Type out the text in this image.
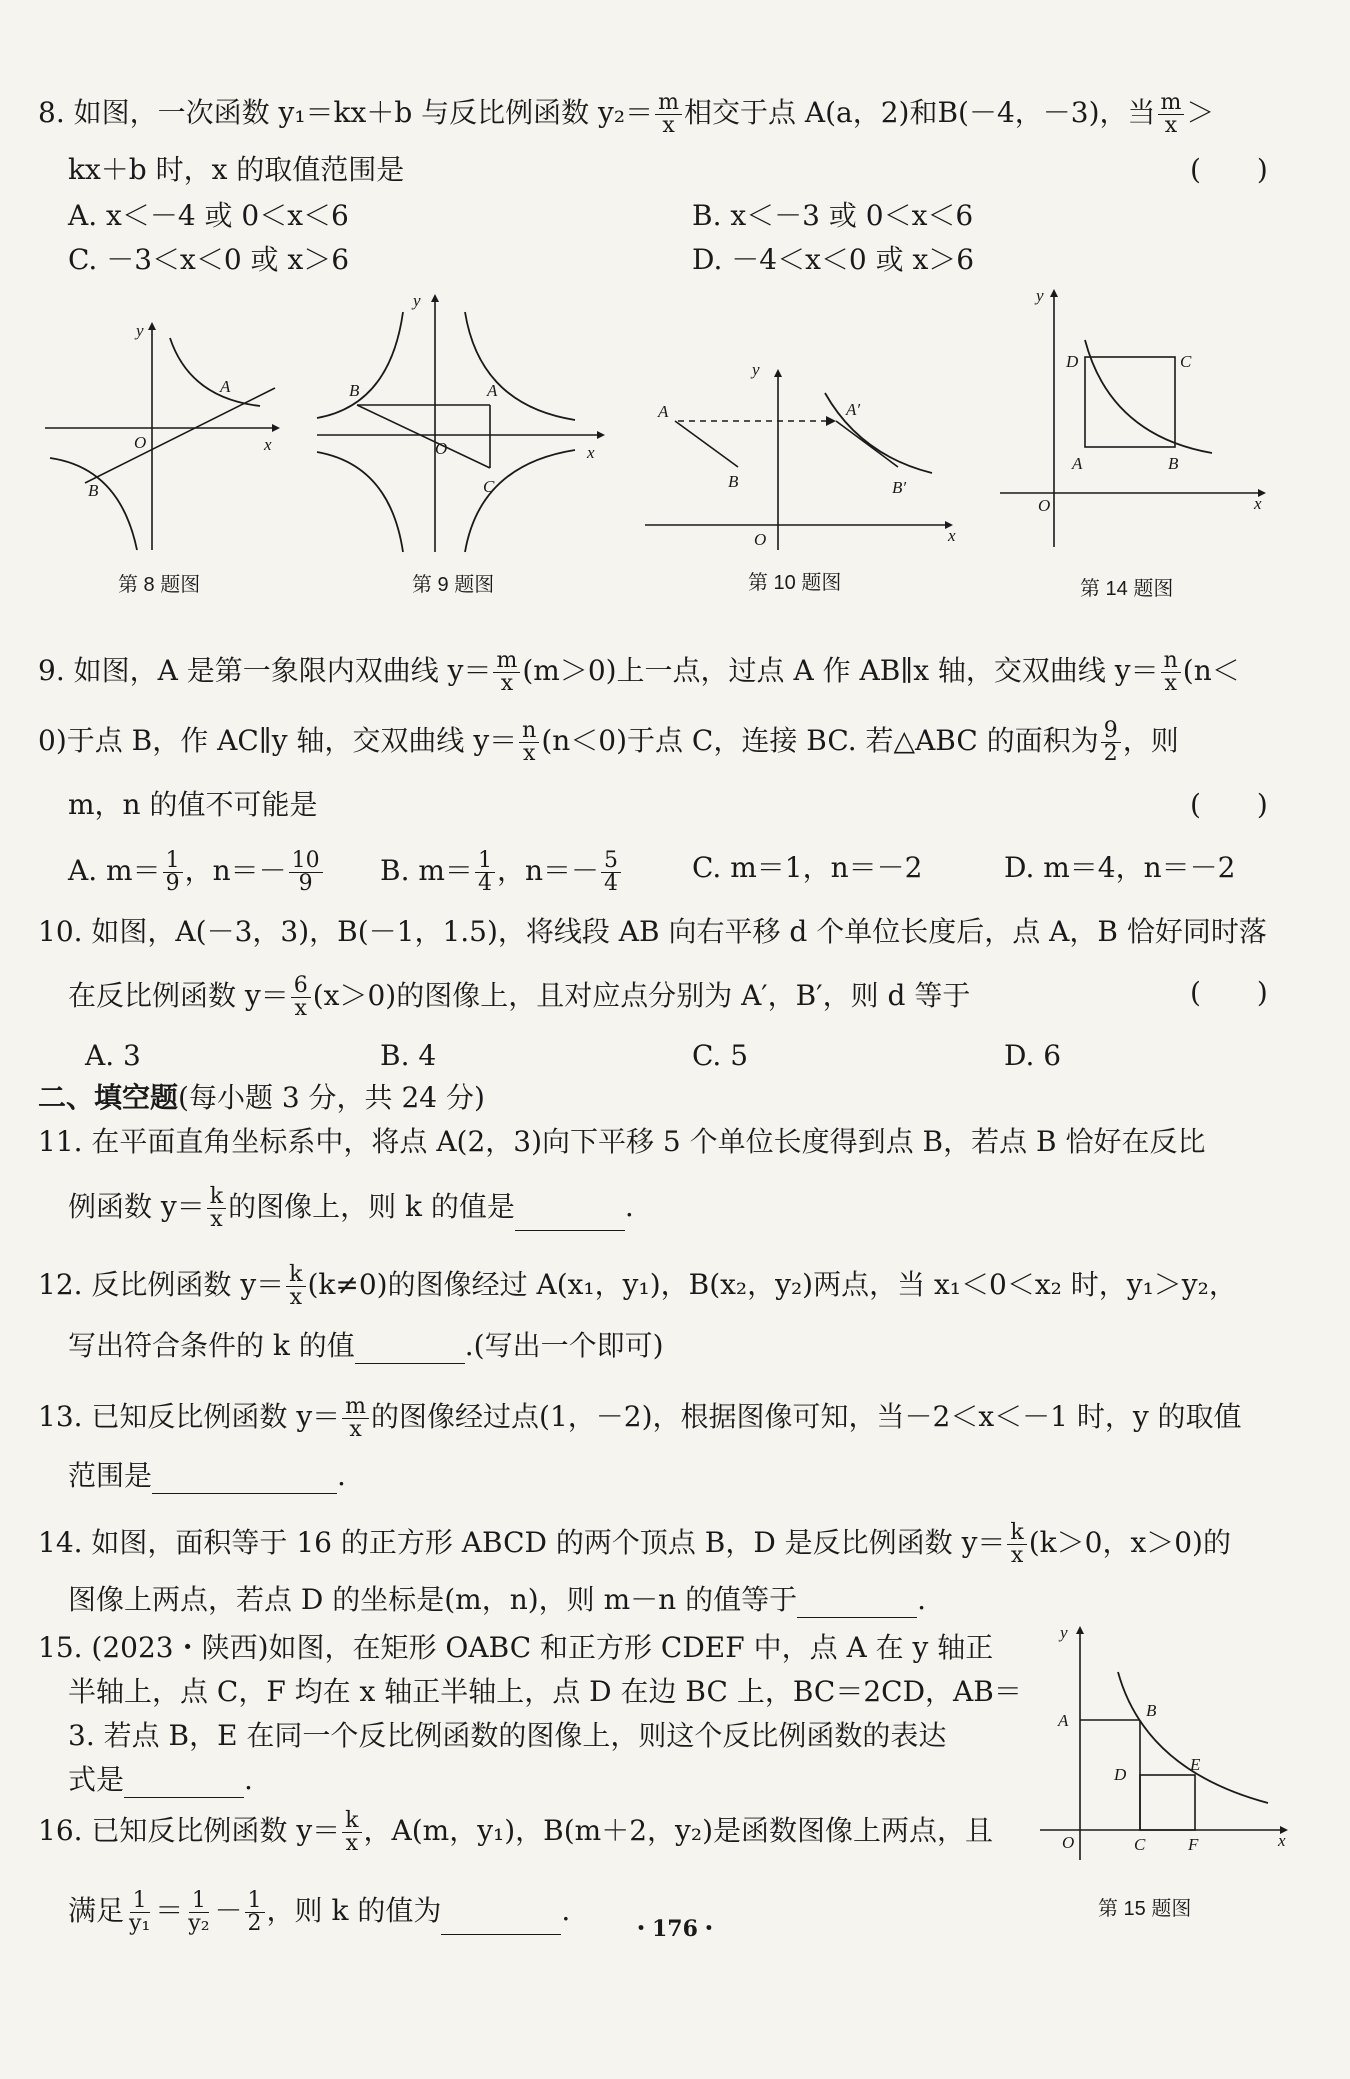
8. 如图，一次函数 y₁＝kx＋b 与反比例函数 $y_2= \frac{m}{x}$ 相交于点 A(a，2)和B(－4，－3)，当 $\frac{m}{x}$ ＞
kx＋b 时，x 的取值范围是	(　　)
A. x＜－4 或 0＜x＜6	B. x＜－3 或 0＜x＜6
C. －3＜x＜0 或 x＞6	D. －4＜x＜0 或 x＞6
y
x
O
A
B
第 8 题图
y
x
O
A
B
C
第 9 题图
y
x
O
A
B
A′
B′
第 10 题图
y
x
O
D	C
A	B
第 14 题图
9. 如图，A 是第一象限内双曲线 $y= \frac{m}{x} (m>0)$上一点，过点 A 作 AB∥x 轴，交双曲线 $y= \frac{n}{x} (n<$
0)于点 B，作 AC∥y 轴，交双曲线 $y= \frac{n}{x} (n<0)$于点 C，连接 BC. 若△ABC 的面积为 $\frac{9}{2}$ ，则
m，n 的值不可能是	(　　)
A. $m= \frac{1}{9}$ ，$n=- \frac{10}{9} B$. $m= \frac{1}{4}$ ，$n=- \frac{5}{4}$	C. m＝1，n＝－2	D. m＝4，n＝－2
10. 如图，A(－3，3)，B(－1，1.5)，将线段 AB 向右平移 d 个单位长度后，点 A，B 恰好同时落
在反比例函数 $y= \frac{6}{x} (x>0)$的图像上，且对应点分别为 A′，B′，则 d 等于	(　　)
A. 3	B. 4	C. 5	D. 6
二、填空题(每小题 3 分，共 24 分)
11. 在平面直角坐标系中，将点 A(2，3)向下平移 5 个单位长度得到点 B，若点 B 恰好在反比
例函数 $y= \frac{k}{x}$ 的图像上，则 k 的值是	.
12. 反比例函数 $y= \frac{k}{x} (k\ne 0)$的图像经过 A(x₁，y₁)，B(x₂，y₂)两点，当 x₁＜0＜x₂ 时，y₁＞y₂，
写出符合条件的 k 的值	.(写出一个即可)
13. 已知反比例函数 $y= \frac{m}{x}$ 的图像经过点(1，－2)，根据图像可知，当－2＜x＜－1 时，y 的取值
范围是	.
14. 如图，面积等于 16 的正方形 ABCD 的两个顶点 B，D 是反比例函数 $y= \frac{k}{x} (k>0$，x＞0)的
图像上两点，若点 D 的坐标是(m，n)，则 m－n 的值等于	.
15. (2023・陕西)如图，在矩形 OABC 和正方形 CDEF 中，点 A 在 y 轴正
半轴上，点 C，F 均在 x 轴正半轴上，点 D 在边 BC 上，BC＝2CD，AB＝
3. 若点 B，E 在同一个反比例函数的图像上，则这个反比例函数的表达
式是	.
y
x
O
A
B
D
E
C	F
第 15 题图
16. 已知反比例函数 $y= \frac{k}{x}$ ，A(m，y₁)，B(m＋2，y₂)是函数图像上两点，且
满足 $\frac{1}{\text{y₁}} = \frac{1}{\text{y₂}} - \frac{1}{2}$ ，则 k 的值为	.
・176・
